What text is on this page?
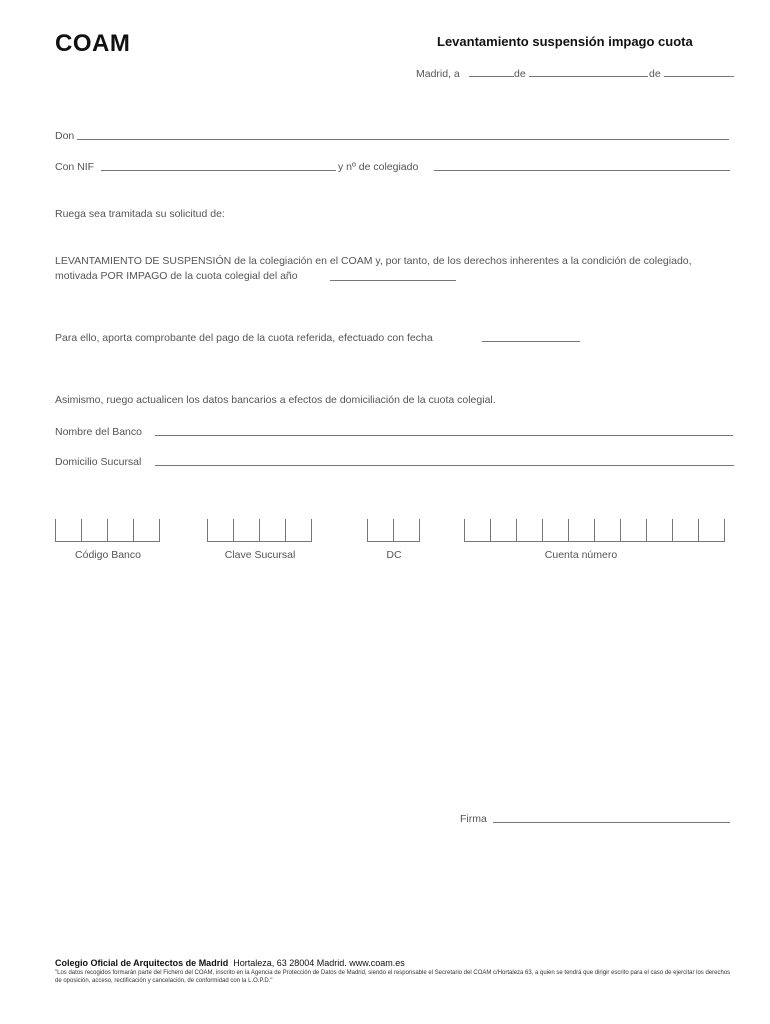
COAM	Levantamiento suspensión impago cuota
Madrid, a	de	de
Don
Con NIF	y nº de colegiado
Ruega sea tramitada su solicitud de:
LEVANTAMIENTO DE SUSPENSIÓN de la colegiación en el COAM y, por tanto, de los derechos inherentes a la condición de colegiado,
motivada POR IMPAGO de la cuota colegial del año
Para ello, aporta comprobante del pago de la cuota referida, efectuado con fecha
Asimismo, ruego actualicen los datos bancarios a efectos de domiciliación de la cuota colegial.
Nombre del Banco
Domicilio Sucursal
Código Banco	Clave Sucursal	DC	Cuenta número
Firma
Colegio Oficial de Arquitectos de Madrid Hortaleza, 63 28004 Madrid. www.coam.es
"Los datos recogidos formarán parte del Fichero del COAM, inscrito en la Agencia de Protección de Datos de Madrid, siendo el responsable el Secretario del COAM c/Hortaleza 63, a quien se tendrá que dirigir escrito para el caso de ejercitar los derechos de oposición, acceso, rectificación y cancelación, de conformidad con la L.O.P.D."
